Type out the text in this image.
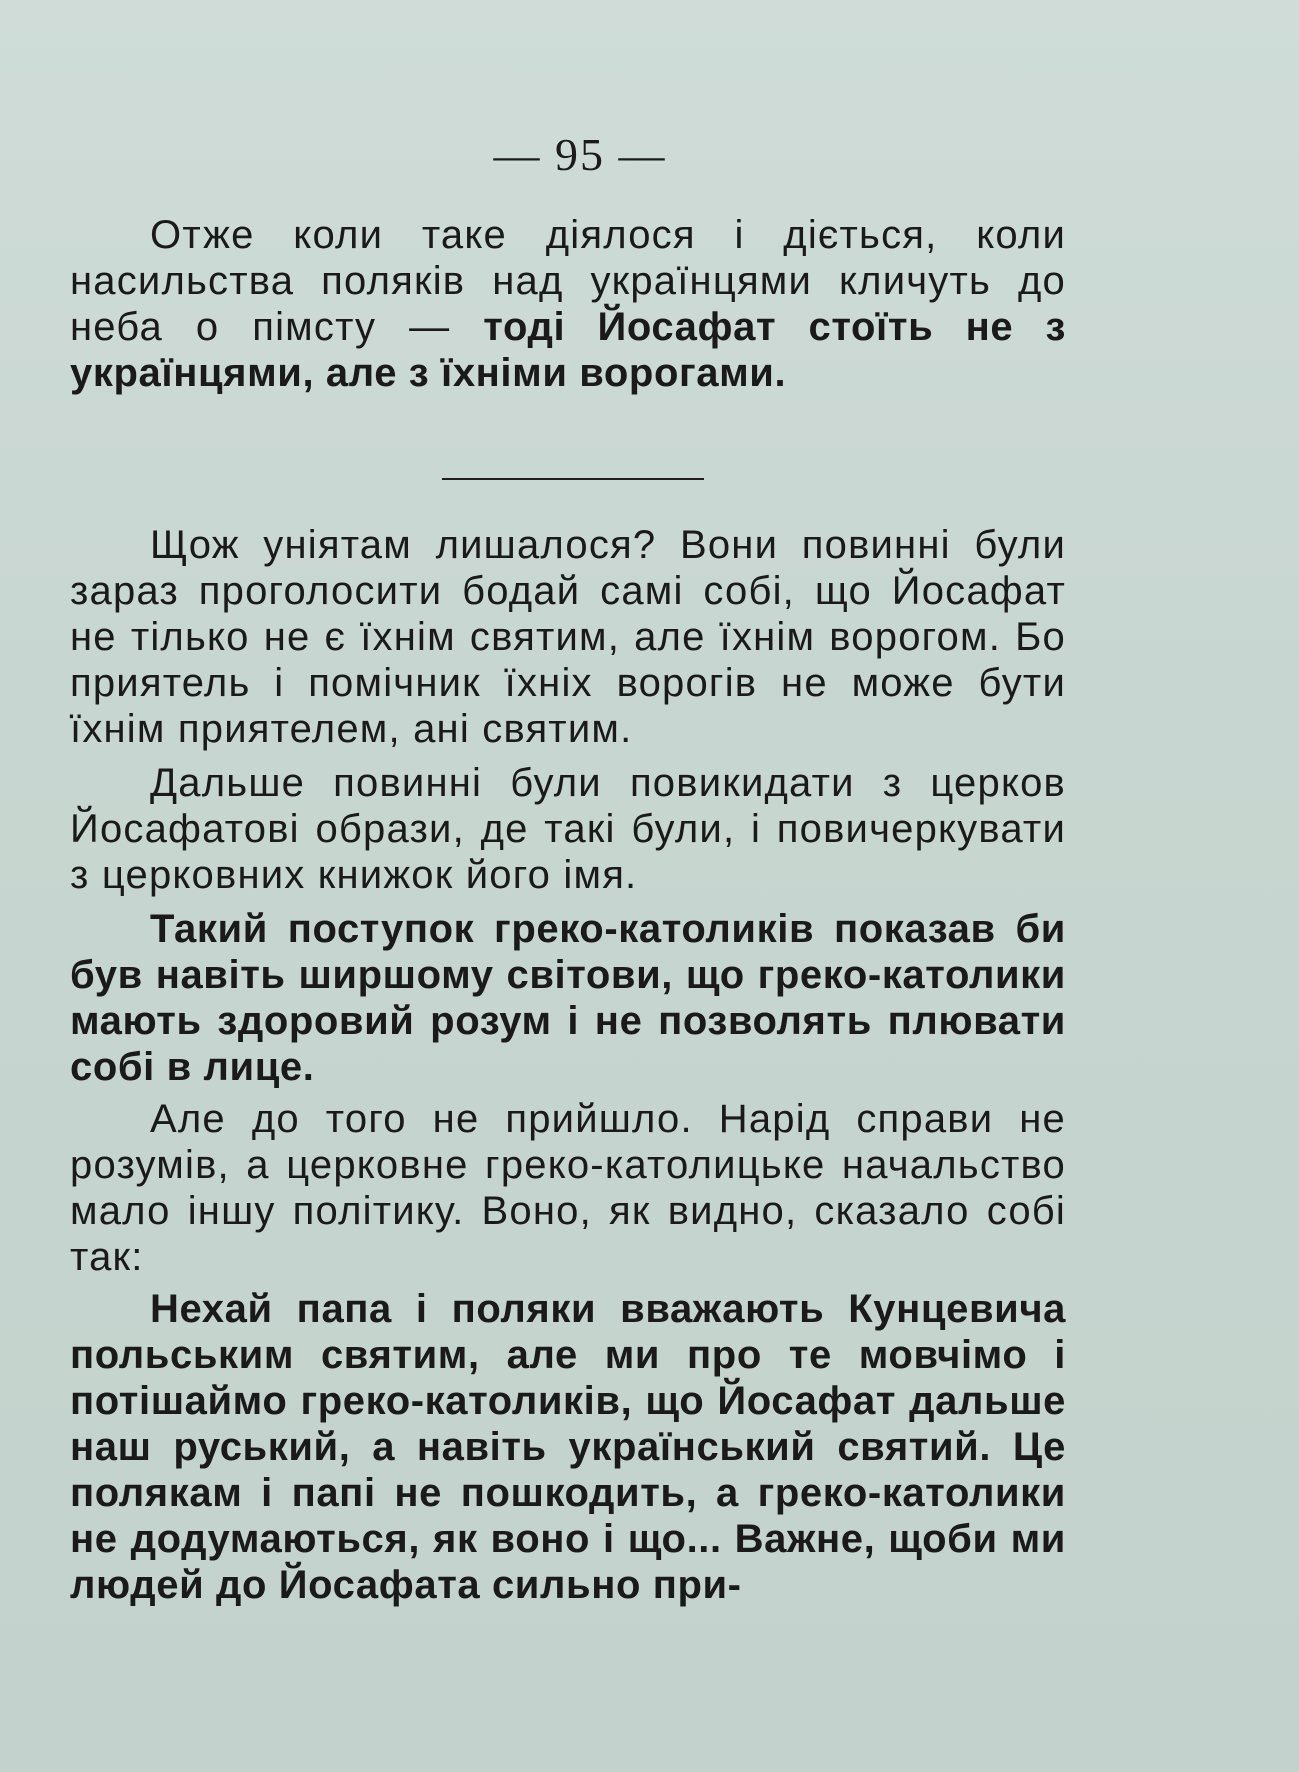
— 95 —

Отже коли таке діялося і діється, коли насильства поляків над українцями кличуть до неба о пімсту — тоді Йосафат стоїть не з українцями, але з їхніми ворогами.

Щож уніятам лишалося? Вони повинні були зараз проголосити бодай самі собі, що Йосафат не тілько не є їхнім святим, але їхнім ворогом. Бо приятель і помічник їхніх ворогів не може бути їхнім приятелем, ані святим.

Дальше повинні були повикидати з церков Йосафатові образи, де такі були, і повичеркувати з церковних книжок його імя.

Такий поступок греко-католиків показав би був навіть ширшому світови, що греко-католики мають здоровий розум і не позволять плювати собі в лице.

Але до того не прийшло. Нарід справи не розумів, а церковне греко-католицьке начальство мало іншу політику. Воно, як видно, сказало собі так:

Нехай папа і поляки вважають Кунцевича польським святим, але ми про те мовчімо і потішаймо греко-католиків, що Йосафат дальше наш руський, а навіть український святий. Це полякам і папі не пошкодить, а греко-католики не додумаються, як воно і що... Важне, щоби ми людей до Йосафата сильно при-
